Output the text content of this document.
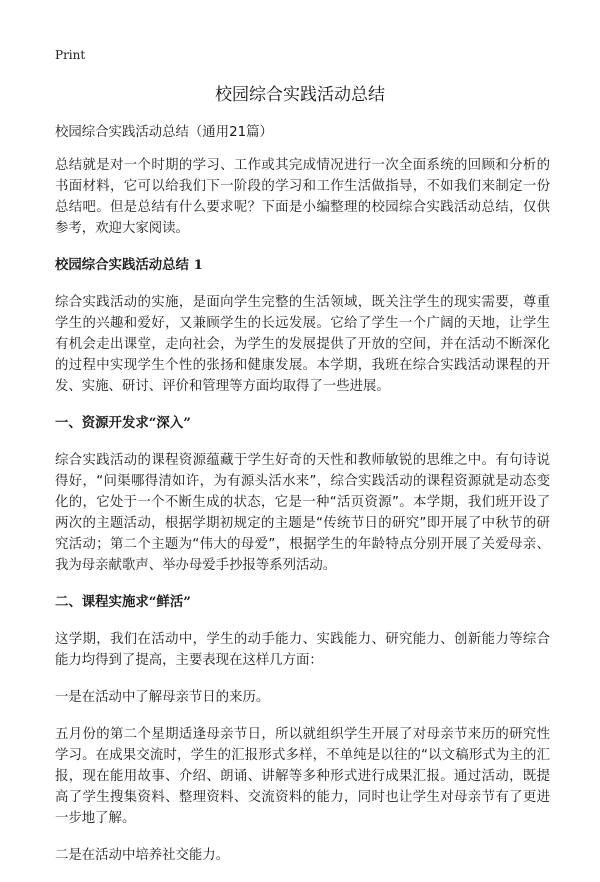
Print
校园综合实践活动总结

校园综合实践活动总结（通用21篇）

总结就是对一个时期的学习、工作或其完成情况进行一次全面系统的回顾和分析的书面材料，它可以给我们下一阶段的学习和工作生活做指导，不如我们来制定一份总结吧。但是总结有什么要求呢？下面是小编整理的校园综合实践活动总结，仅供参考，欢迎大家阅读。

校园综合实践活动总结 1

综合实践活动的实施，是面向学生完整的生活领域，既关注学生的现实需要，尊重学生的兴趣和爱好，又兼顾学生的长远发展。它给了学生一个广阔的天地，让学生有机会走出课堂，走向社会，为学生的发展提供了开放的空间，并在活动不断深化的过程中实现学生个性的张扬和健康发展。本学期，我班在综合实践活动课程的开发、实施、研讨、评价和管理等方面均取得了一些进展。

一、资源开发求“深入”

综合实践活动的课程资源蕴藏于学生好奇的天性和教师敏锐的思维之中。有句诗说得好，“问渠哪得清如许，为有源头活水来”，综合实践活动的课程资源就是动态变化的，它处于一个不断生成的状态，它是一种“活页资源”。本学期，我们班开设了两次的主题活动，根据学期初规定的主题是“传统节日的研究”即开展了中秋节的研究活动；第二个主题为“伟大的母爱”，根据学生的年龄特点分别开展了关爱母亲、我为母亲献歌声、举办母爱手抄报等系列活动。

二、课程实施求“鲜活”

这学期，我们在活动中，学生的动手能力、实践能力、研究能力、创新能力等综合能力均得到了提高，主要表现在这样几方面：

一是在活动中了解母亲节日的来历。

五月份的第二个星期适逢母亲节日，所以就组织学生开展了对母亲节来历的研究性学习。在成果交流时，学生的汇报形式多样，不单纯是以往的“以文稿形式为主的汇报，现在能用故事、介绍、朗诵、讲解等多种形式进行成果汇报。通过活动，既提高了学生搜集资料、整理资料、交流资料的能力，同时也让学生对母亲节有了更进一步地了解。

二是在活动中培养社交能力。
